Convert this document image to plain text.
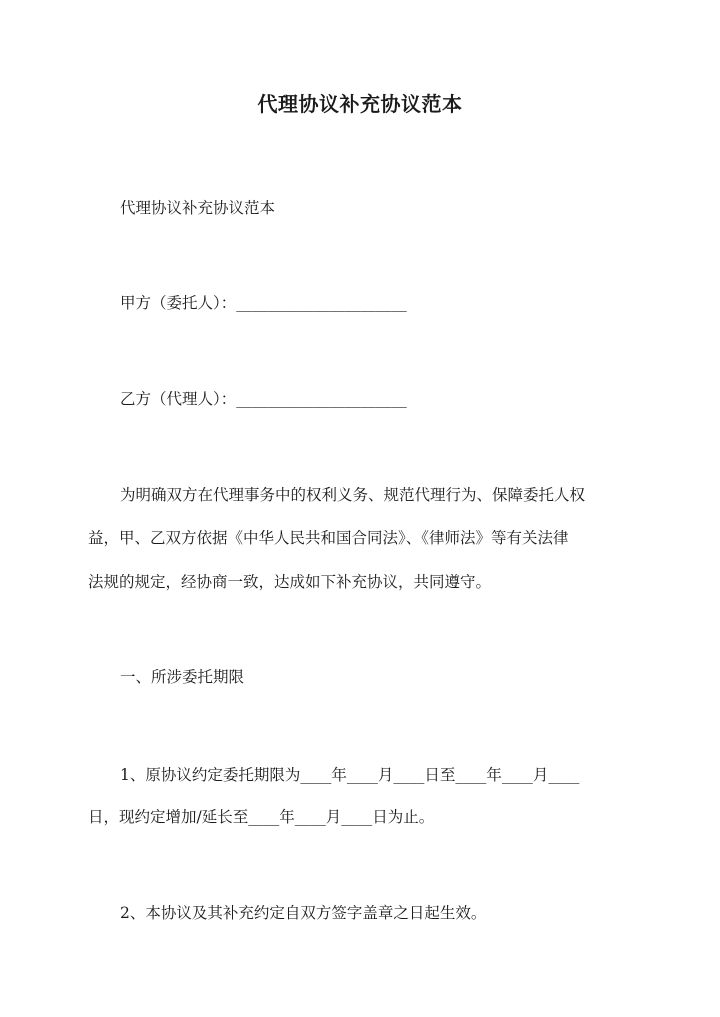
代理协议补充协议范本
代理协议补充协议范本
甲方（委托人）：______________________
乙方（代理人）：______________________
为明确双方在代理事务中的权利义务、规范代理行为、保障委托人权
益，甲、乙双方依据《中华人民共和国合同法》、《律师法》等有关法律
法规的规定，经协商一致，达成如下补充协议，共同遵守。
一、所涉委托期限
1、原协议约定委托期限为____年____月____日至____年____月____
日，现约定增加/延长至____年____月____日为止。
2、本协议及其补充约定自双方签字盖章之日起生效。
